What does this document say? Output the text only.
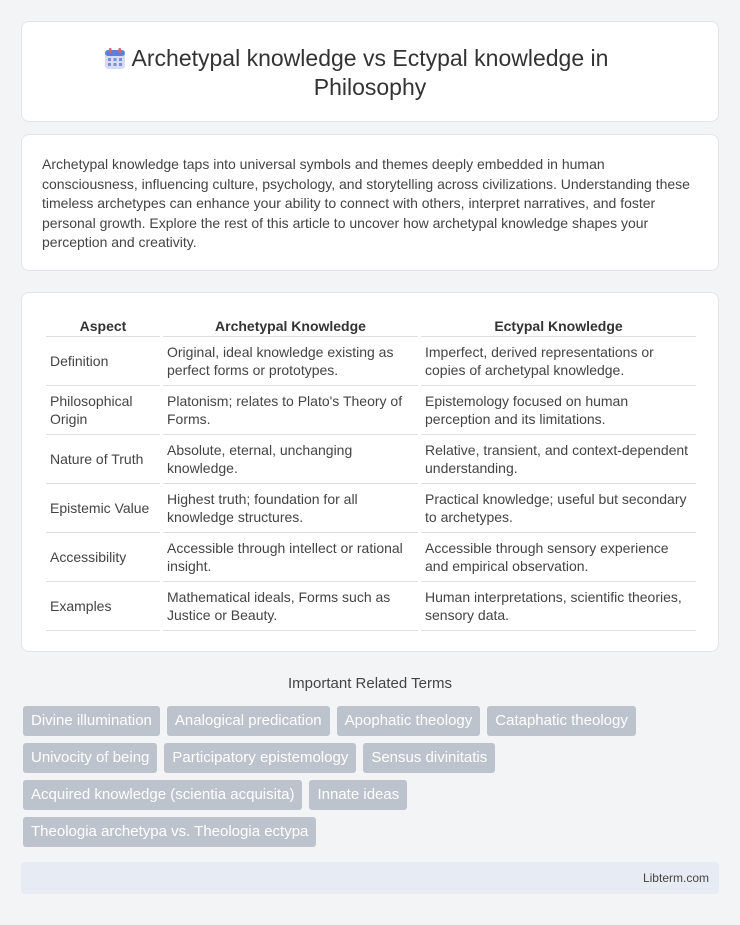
Archetypal knowledge vs Ectypal knowledge in Philosophy

Archetypal knowledge taps into universal symbols and themes deeply embedded in human consciousness, influencing culture, psychology, and storytelling across civilizations. Understanding these timeless archetypes can enhance your ability to connect with others, interpret narratives, and foster personal growth. Explore the rest of this article to uncover how archetypal knowledge shapes your perception and creativity.

Aspect	Archetypal Knowledge	Ectypal Knowledge
Definition	Original, ideal knowledge existing as perfect forms or prototypes.	Imperfect, derived representations or copies of archetypal knowledge.
Philosophical Origin	Platonism; relates to Plato's Theory of Forms.	Epistemology focused on human perception and its limitations.
Nature of Truth	Absolute, eternal, unchanging knowledge.	Relative, transient, and context-dependent understanding.
Epistemic Value	Highest truth; foundation for all knowledge structures.	Practical knowledge; useful but secondary to archetypes.
Accessibility	Accessible through intellect or rational insight.	Accessible through sensory experience and empirical observation.
Examples	Mathematical ideals, Forms such as Justice or Beauty.	Human interpretations, scientific theories, sensory data.
Important Related Terms
Divine illumination	Analogical predication	Apophatic theology	Cataphatic theology
Univocity of being	Participatory epistemology	Sensus divinitatis
Acquired knowledge (scientia acquisita)	Innate ideas
Theologia archetypa vs. Theologia ectypa
Libterm.com
